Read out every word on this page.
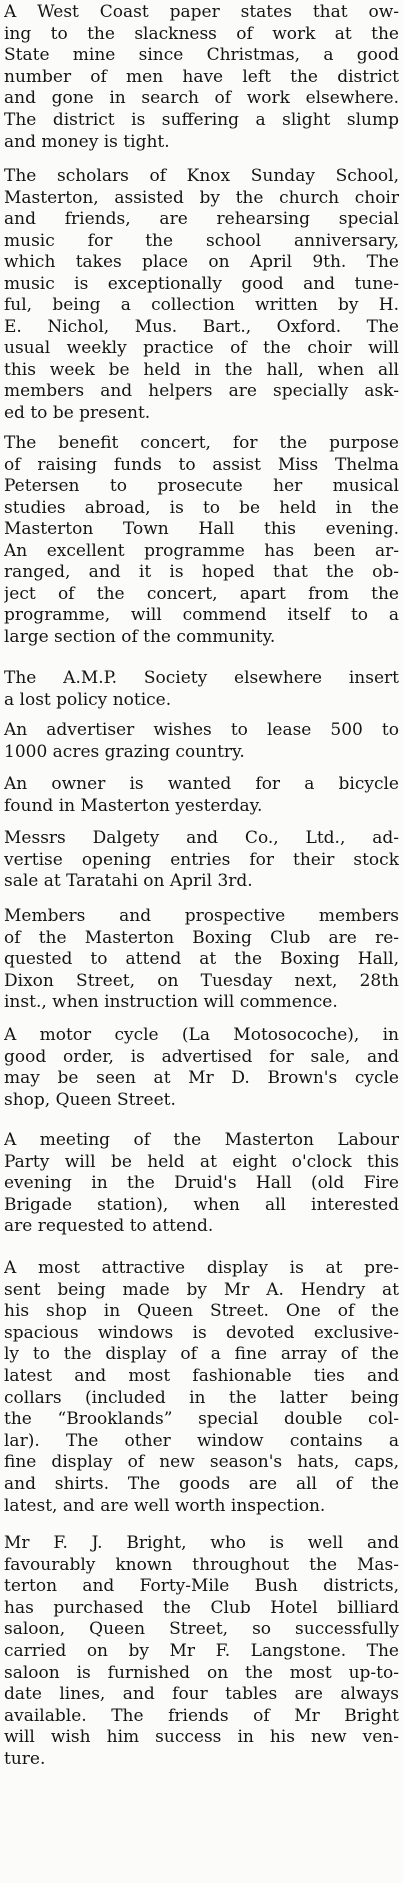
A West Coast paper states that ow-
ing to the slackness of work at the
State mine since Christmas, a good
number of men have left the district
and gone in search of work elsewhere.
The district is suffering a slight slump
and money is tight.
The scholars of Knox Sunday School,
Masterton, assisted by the church choir
and friends, are rehearsing special
music for the school anniversary,
which takes place on April 9th. The
music is exceptionally good and tune-
ful, being a collection written by H.
E. Nichol, Mus. Bart., Oxford. The
usual weekly practice of the choir will
this week be held in the hall, when all
members and helpers are specially ask-
ed to be present.
The benefit concert, for the purpose
of raising funds to assist Miss Thelma
Petersen to prosecute her musical
studies abroad, is to be held in the
Masterton Town Hall this evening.
An excellent programme has been ar-
ranged, and it is hoped that the ob-
ject of the concert, apart from the
programme, will commend itself to a
large section of the community.
The A.M.P. Society elsewhere insert
a lost policy notice.
An advertiser wishes to lease 500 to
1000 acres grazing country.
An owner is wanted for a bicycle
found in Masterton yesterday.
Messrs Dalgety and Co., Ltd., ad-
vertise opening entries for their stock
sale at Taratahi on April 3rd.
Members and prospective members
of the Masterton Boxing Club are re-
quested to attend at the Boxing Hall,
Dixon Street, on Tuesday next, 28th
inst., when instruction will commence.
A motor cycle (La Motosocoche), in
good order, is advertised for sale, and
may be seen at Mr D. Brown's cycle
shop, Queen Street.
A meeting of the Masterton Labour
Party will be held at eight o'clock this
evening in the Druid's Hall (old Fire
Brigade station), when all interested
are requested to attend.
A most attractive display is at pre-
sent being made by Mr A. Hendry at
his shop in Queen Street. One of the
spacious windows is devoted exclusive-
ly to the display of a fine array of the
latest and most fashionable ties and
collars (included in the latter being
the “Brooklands” special double col-
lar). The other window contains a
fine display of new season's hats, caps,
and shirts. The goods are all of the
latest, and are well worth inspection.
Mr F. J. Bright, who is well and
favourably known throughout the Mas-
terton and Forty-Mile Bush districts,
has purchased the Club Hotel billiard
saloon, Queen Street, so successfully
carried on by Mr F. Langstone. The
saloon is furnished on the most up-to-
date lines, and four tables are always
available. The friends of Mr Bright
will wish him success in his new ven-
ture.
